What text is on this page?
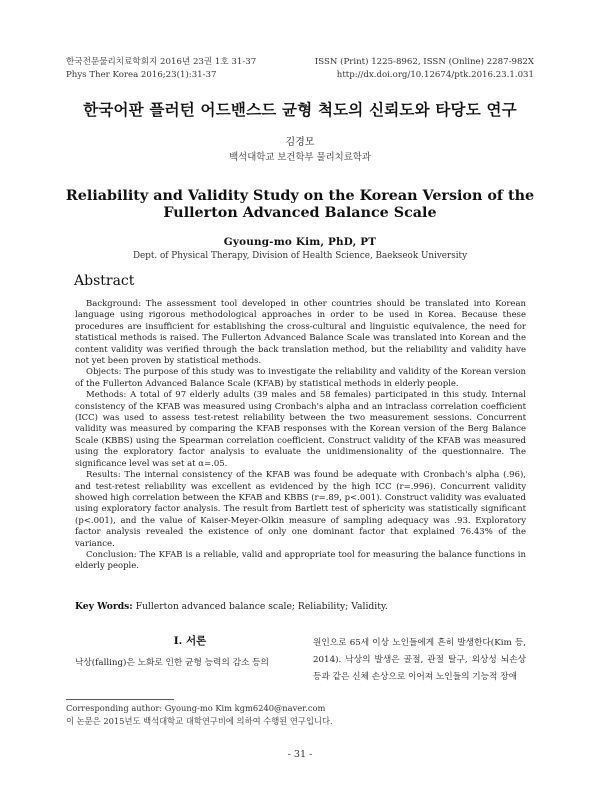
한국전문물리치료학회지 2016년 23권 1호 31-37
Phys Ther Korea 2016;23(1):31-37
ISSN (Print) 1225-8962, ISSN (Online) 2287-982X
http://dx.doi.org/10.12674/ptk.2016.23.1.031
한국어판 플러턴 어드밴스드 균형 척도의 신뢰도와 타당도 연구
김경모
백석대학교 보건학부 물리치료학과
Reliability and Validity Study on the Korean Version of the
Fullerton Advanced Balance Scale
Gyoung-mo Kim, PhD, PT
Dept. of Physical Therapy, Division of Health Science, Baekseok University
Abstract

Background: The assessment tool developed in other countries should be translated into Korean language using rigorous methodological approaches in order to be used in Korea. Because these procedures are insufficient for establishing the cross-cultural and linguistic equivalence, the need for statistical methods is raised. The Fullerton Advanced Balance Scale was translated into Korean and the content validity was verified through the back translation method, but the reliability and validity have not yet been proven by statistical methods.

Objects: The purpose of this study was to investigate the reliability and validity of the Korean version of the Fullerton Advanced Balance Scale (KFAB) by statistical methods in elderly people.

Methods: A total of 97 elderly adults (39 males and 58 females) participated in this study. Internal consistency of the KFAB was measured using Cronbach's alpha and an intraclass correlation coefficient (ICC) was used to assess test-retest reliability between the two measurement sessions. Concurrent validity was measured by comparing the KFAB responses with the Korean version of the Berg Balance Scale (KBBS) using the Spearman correlation coefficient. Construct validity of the KFAB was measured using the exploratory factor analysis to evaluate the unidimensionality of the questionnaire. The significance level was set at α=.05.

Results: The internal consistency of the KFAB was found be adequate with Cronbach's alpha (.96), and test-retest reliability was excellent as evidenced by the high ICC (r=.996). Concurrent validity showed high correlation between the KFAB and KBBS (r=.89, p<.001). Construct validity was evaluated using exploratory factor analysis. The result from Bartlett test of sphericity was statistically significant (p<.001), and the value of Kaiser-Meyer-Olkin measure of sampling adequacy was .93. Exploratory factor analysis revealed the existence of only one dominant factor that explained 76.43% of the variance.

Conclusion: The KFAB is a reliable, valid and appropriate tool for measuring the balance functions in elderly people.

Key Words: Fullerton advanced balance scale; Reliability; Validity.
Ⅰ. 서론
낙상(falling)은 노화로 인한 균형 능력의 감소 등의
원인으로 65세 이상 노인들에게 흔히 발생한다(Kim 등, 2014). 낙상의 발생은 골절, 관절 탈구, 외상성 뇌손상 등과 같은 신체 손상으로 이어져 노인들의 기능적 장애
Corresponding author: Gyoung-mo Kim kgm6240@naver.com
이 논문은 2015년도 백석대학교 대학연구비에 의하여 수행된 연구입니다.
- 31 -
